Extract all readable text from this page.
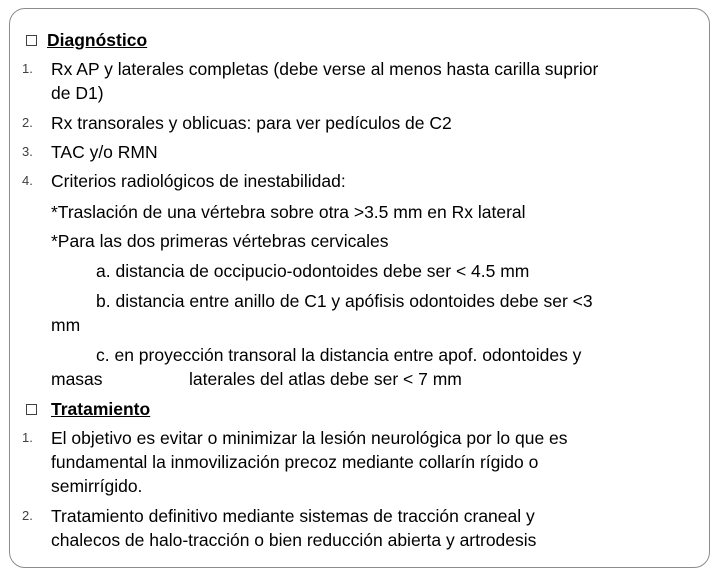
Diagnóstico
1. Rx AP y laterales completas (debe verse al menos hasta carilla suprior
de D1)
2. Rx transorales y oblicuas: para ver pedículos de C2
3. TAC y/o RMN
4. Criterios radiológicos de inestabilidad:
*Traslación de una vértebra sobre otra >3.5 mm en Rx lateral
*Para las dos primeras vértebras cervicales
a. distancia de occipucio-odontoides debe ser < 4.5 mm
b. distancia entre anillo de C1 y apófisis odontoides debe ser <3
mm
c. en proyección transoral la distancia entre apof. odontoides y
masas	laterales del atlas debe ser < 7 mm
Tratamiento
1. El objetivo es evitar o minimizar la lesión neurológica por lo que es
fundamental la inmovilización precoz mediante collarín rígido o
semirrígido.
2. Tratamiento definitivo mediante sistemas de tracción craneal y
chalecos de halo-tracción o bien reducción abierta y artrodesis
